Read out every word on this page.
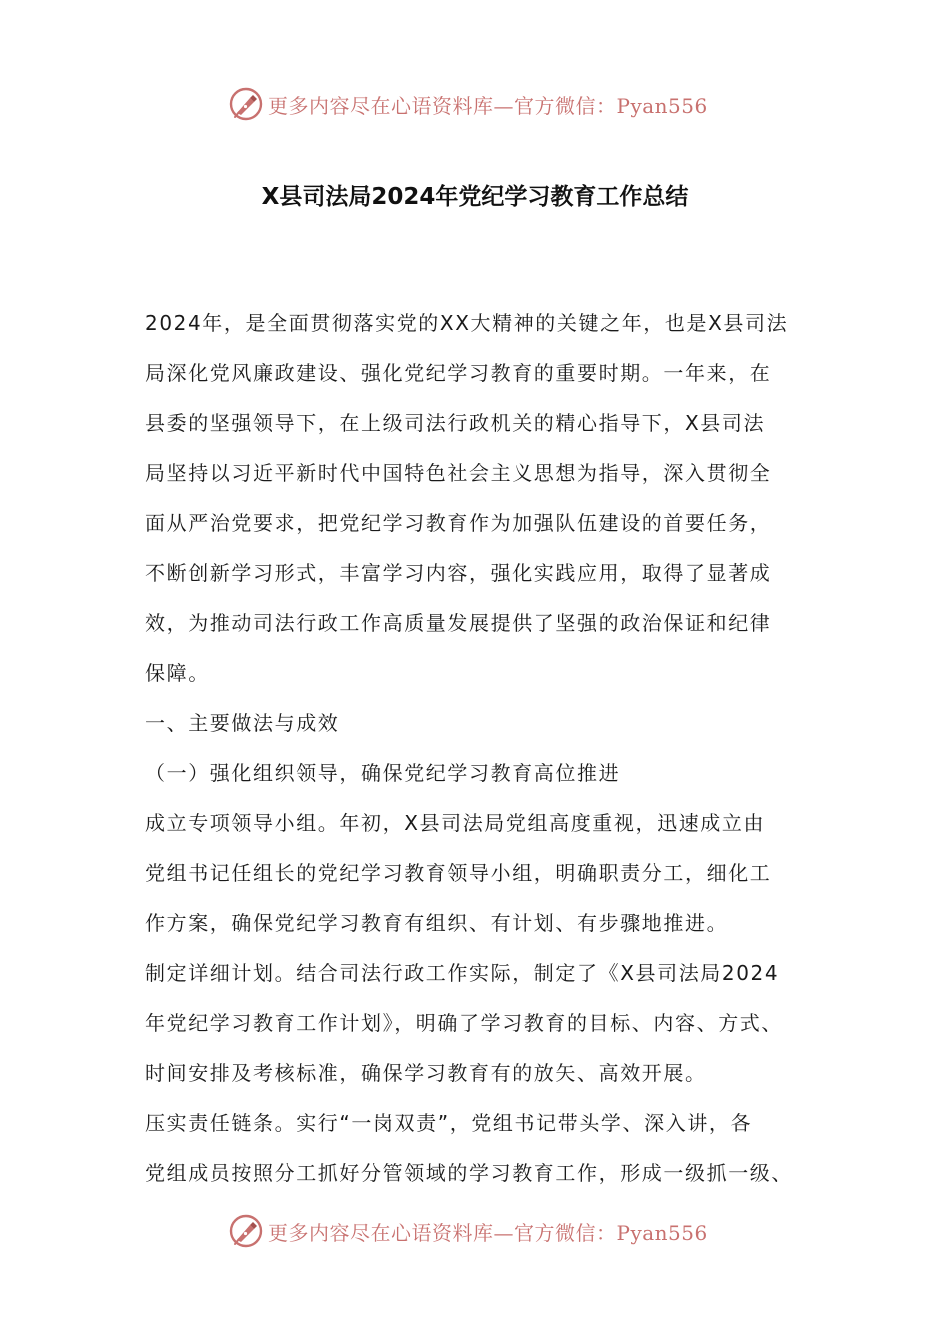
更多内容尽在心语资料库—官方微信：Pyan556
X县司法局2024年党纪学习教育工作总结
2024年，是全面贯彻落实党的XX大精神的关键之年，也是X县司法
局深化党风廉政建设、强化党纪学习教育的重要时期。一年来，在
县委的坚强领导下，在上级司法行政机关的精心指导下，X县司法
局坚持以习近平新时代中国特色社会主义思想为指导，深入贯彻全
面从严治党要求，把党纪学习教育作为加强队伍建设的首要任务，
不断创新学习形式，丰富学习内容，强化实践应用，取得了显著成
效，为推动司法行政工作高质量发展提供了坚强的政治保证和纪律
保障。
一、主要做法与成效
（一）强化组织领导，确保党纪学习教育高位推进
成立专项领导小组。年初，X县司法局党组高度重视，迅速成立由
党组书记任组长的党纪学习教育领导小组，明确职责分工，细化工
作方案，确保党纪学习教育有组织、有计划、有步骤地推进。
制定详细计划。结合司法行政工作实际，制定了《X县司法局2024
年党纪学习教育工作计划》，明确了学习教育的目标、内容、方式、
时间安排及考核标准，确保学习教育有的放矢、高效开展。
压实责任链条。实行“一岗双责”，党组书记带头学、深入讲，各
党组成员按照分工抓好分管领域的学习教育工作，形成一级抓一级、
更多内容尽在心语资料库—官方微信：Pyan556
